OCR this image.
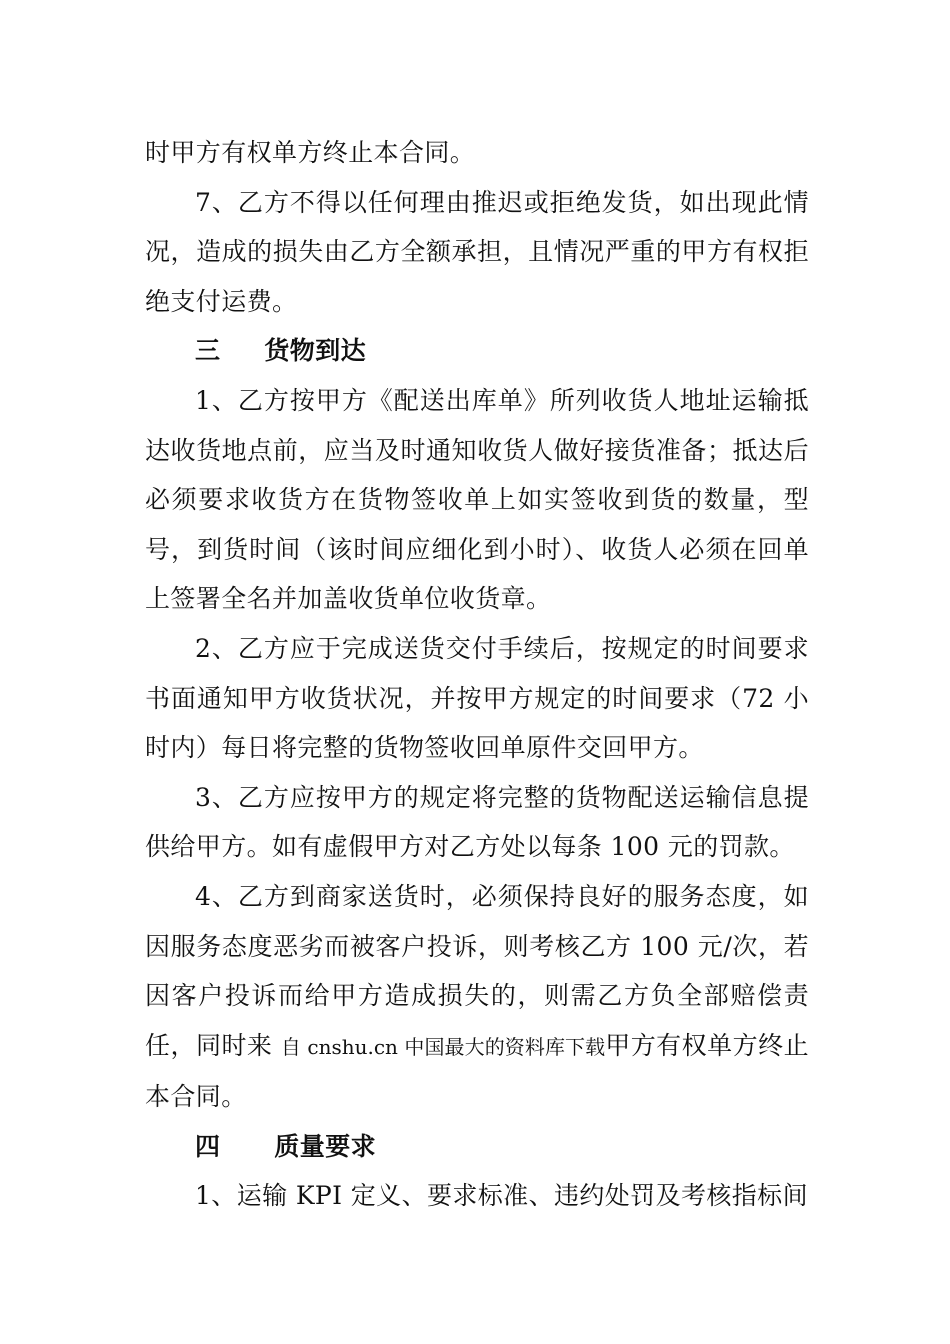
时甲方有权单方终止本合同。

7、乙方不得以任何理由推迟或拒绝发货，如出现此情况，造成的损失由乙方全额承担，且情况严重的甲方有权拒绝支付运费。

三 货物到达

1、乙方按甲方《配送出库单》所列收货人地址运输抵达收货地点前，应当及时通知收货人做好接货准备；抵达后必须要求收货方在货物签收单上如实签收到货的数量，型号，到货时间（该时间应细化到小时）、收货人必须在回单上签署全名并加盖收货单位收货章。

2、乙方应于完成送货交付手续后，按规定的时间要求书面通知甲方收货状况，并按甲方规定的时间要求（72 小时内）每日将完整的货物签收回单原件交回甲方。

3、乙方应按甲方的规定将完整的货物配送运输信息提供给甲方。如有虚假甲方对乙方处以每条 100 元的罚款。

4、乙方到商家送货时，必须保持良好的服务态度，如因服务态度恶劣而被客户投诉，则考核乙方 100 元/次，若因客户投诉而给甲方造成损失的，则需乙方负全部赔偿责任，同时来 自 cnshu.cn 中国最大的资料库下载甲方有权单方终止本合同。

四 质量要求

1、运输 KPI 定义、要求标准、违约处罚及考核指标间
